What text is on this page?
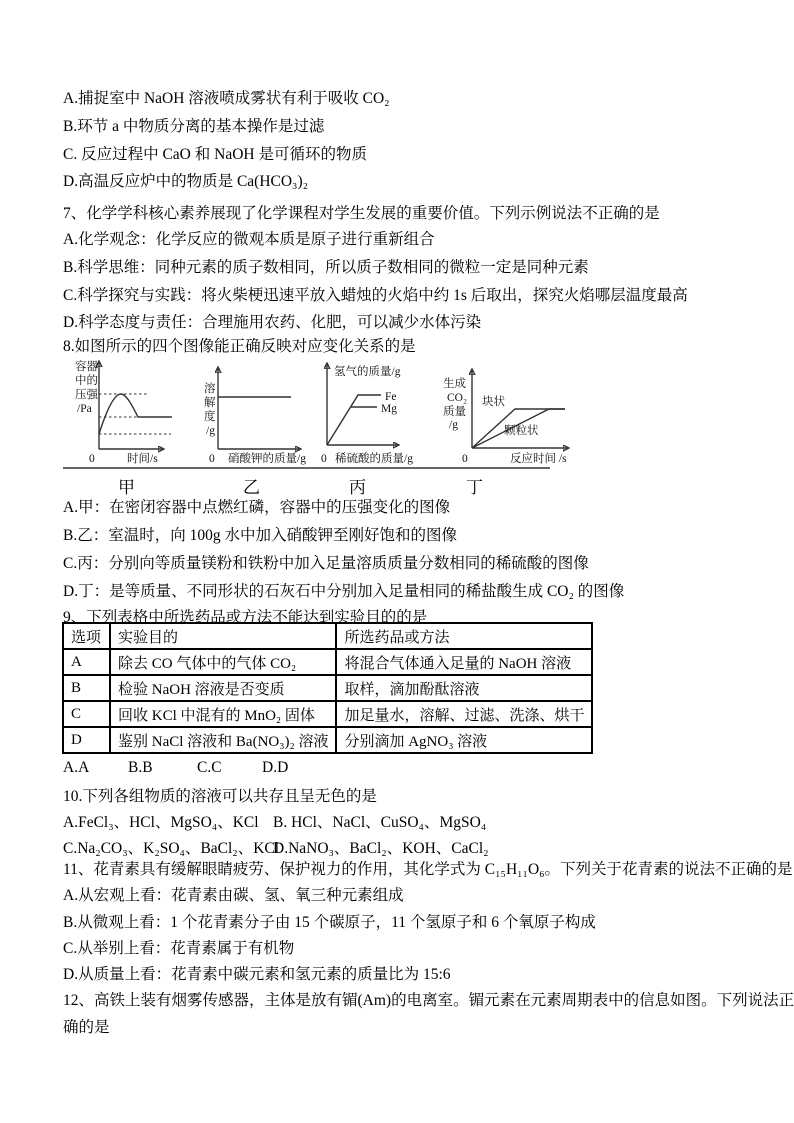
A.捕捉室中 NaOH 溶液喷成雾状有利于吸收 CO₂
B.环节 a 中物质分离的基本操作是过滤
C. 反应过程中 CaO 和 NaOH 是可循环的物质
D.高温反应炉中的物质是 Ca(HCO₃)₂
7、化学学科核心素养展现了化学课程对学生发展的重要价值。下列示例说法不正确的是
A.化学观念：化学反应的微观本质是原子进行重新组合
B.科学思维：同种元素的质子数相同，所以质子数相同的微粒一定是同种元素
C.科学探究与实践：将火柴梗迅速平放入蜡烛的火焰中约 1s 后取出，探究火焰哪层温度最高
D.科学态度与责任：合理施用农药、化肥，可以减少水体污染
8.如图所示的四个图像能正确反映对应变化关系的是
容器
中的
压强
/Pa
0	时间/s
溶
解
度
/g
0 硝酸钾的质量/g
氢气的质量/g
Fe
Mg
0 稀硫酸的质量/g
生成
CO₂
质量
/g
块状
颗粒状
0	反应时间 /s
甲	乙	丙	丁
A.甲：在密闭容器中点燃红磷，容器中的压强变化的图像
B.乙：室温时，向 100g 水中加入硝酸钾至刚好饱和的图像
C.丙：分别向等质量镁粉和铁粉中加入足量溶质质量分数相同的稀硫酸的图像
D.丁：是等质量、不同形状的石灰石中分别加入足量相同的稀盐酸生成 CO₂ 的图像
9、下列表格中所选药品或方法不能达到实验目的的是
选项	实验目的	所选药品或方法
A	除去 CO 气体中的气体 CO₂	将混合气体通入足量的 NaOH 溶液
B	检验 NaOH 溶液是否变质	取样，滴加酚酞溶液
C	回收 KCl 中混有的 MnO₂ 固体	加足量水，溶解、过滤、洗涤、烘干
D	鉴别 NaCl 溶液和 Ba(NO₃)₂ 溶液	分别滴加 AgNO₃ 溶液
A.A B.B	C.C	D.D
10.下列各组物质的溶液可以共存且呈无色的是
A.FeCl₃、HCl、MgSO₄、KCl B. HCl、NaCl、CuSO₄、MgSO₄
C.Na₂CO₃、K₂SO₄、BaCl₂、KCl
D.NaNO₃、BaCl₂、KOH、CaCl₂
11、花青素具有缓解眼睛疲劳、保护视力的作用，其化学式为 C₁₅H₁₁O₆。下列关于花青素的说法不正确的是
A.从宏观上看：花青素由碳、氢、氧三种元素组成
B.从微观上看：1 个花青素分子由 15 个碳原子，11 个氢原子和 6 个氧原子构成
C.从举别上看：花青素属于有机物
D.从质量上看：花青素中碳元素和氢元素的质量比为 15:6
12、高铁上装有烟雾传感器，主体是放有镅(Am)的电离室。镅元素在元素周期表中的信息如图。下列说法正
确的是
